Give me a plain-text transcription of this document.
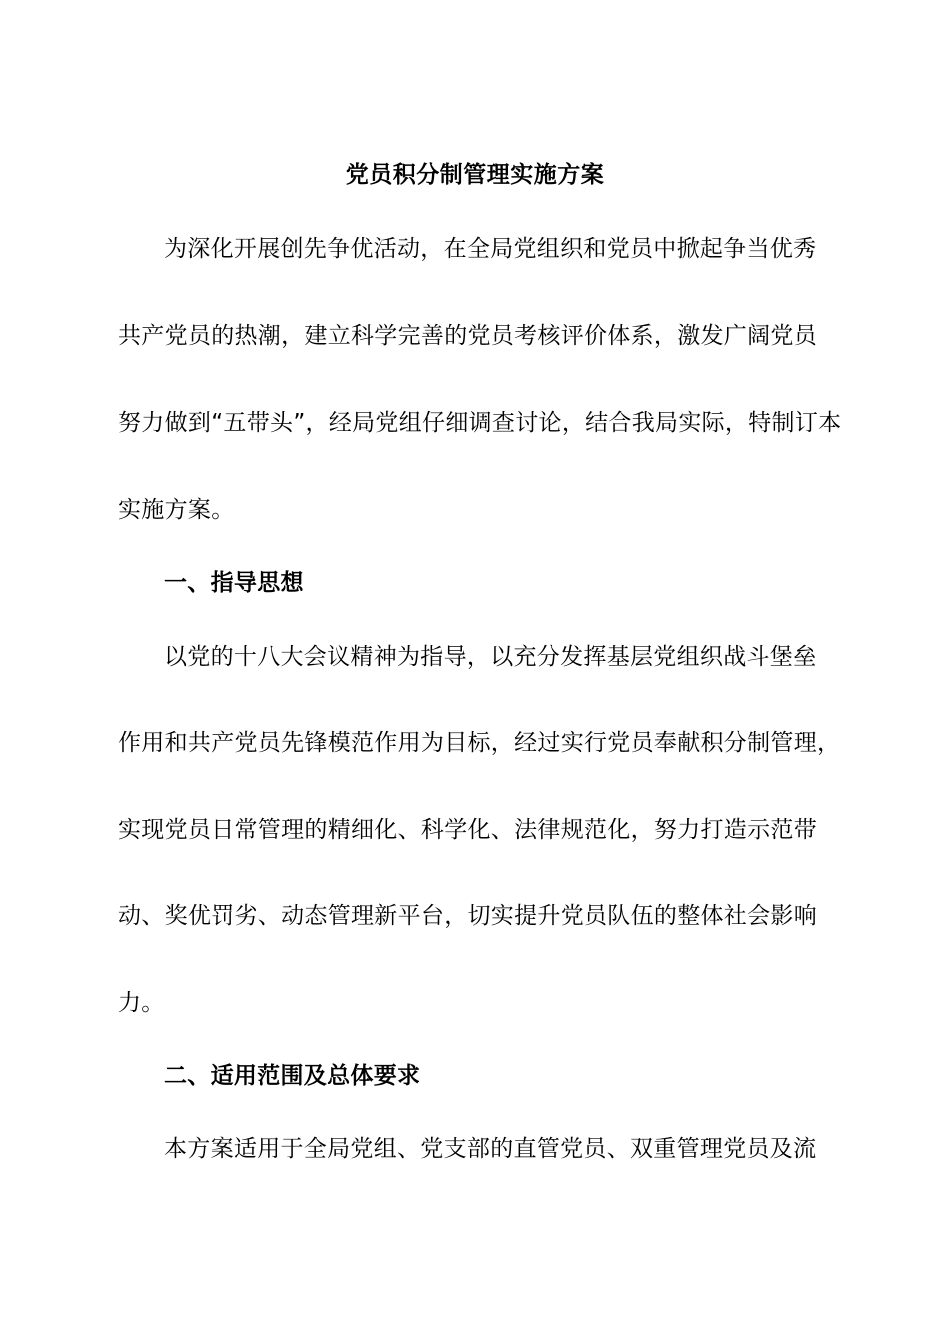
党员积分制管理实施方案
为深化开展创先争优活动，在全局党组织和党员中掀起争当优秀
共产党员的热潮，建立科学完善的党员考核评价体系，激发广阔党员
努力做到“五带头”，经局党组仔细调查讨论，结合我局实际，特制订本
实施方案。
一、指导思想
以党的十八大会议精神为指导，以充分发挥基层党组织战斗堡垒
作用和共产党员先锋模范作用为目标，经过实行党员奉献积分制管理，
实现党员日常管理的精细化、科学化、法律规范化，努力打造示范带
动、奖优罚劣、动态管理新平台，切实提升党员队伍的整体社会影响
力。
二、适用范围及总体要求
本方案适用于全局党组、党支部的直管党员、双重管理党员及流
